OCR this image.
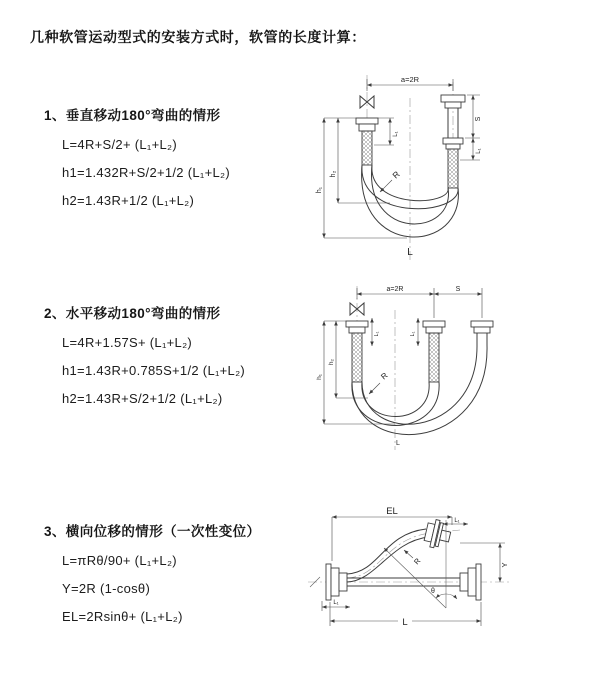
几种软管运动型式的安装方式时，软管的长度计算：
1、垂直移动180°弯曲的情形
L=4R+S/2+ (L₁+L₂)
h1=1.432R+S/2+1/2 (L₁+L₂)
h2=1.43R+1/2 (L₁+L₂)
a=2R
h₂
h₁
L₁
S
L₁
R
L
2、水平移动180°弯曲的情形
L=4R+1.57S+ (L₁+L₂)
h1=1.43R+0.785S+1/2 (L₁+L₂)
h2=1.43R+S/2+1/2 (L₁+L₂)
a=2R	S
L₁	L₁
h₂
h₁	R
L
3、横向位移的情形（一次性变位）
L=πRθ/90+ (L₁+L₂)
Y=2R (1-cosθ)
EL=2Rsinθ+ (L₁+L₂)
EL
L₁
R	Y
θ
L
L₁
